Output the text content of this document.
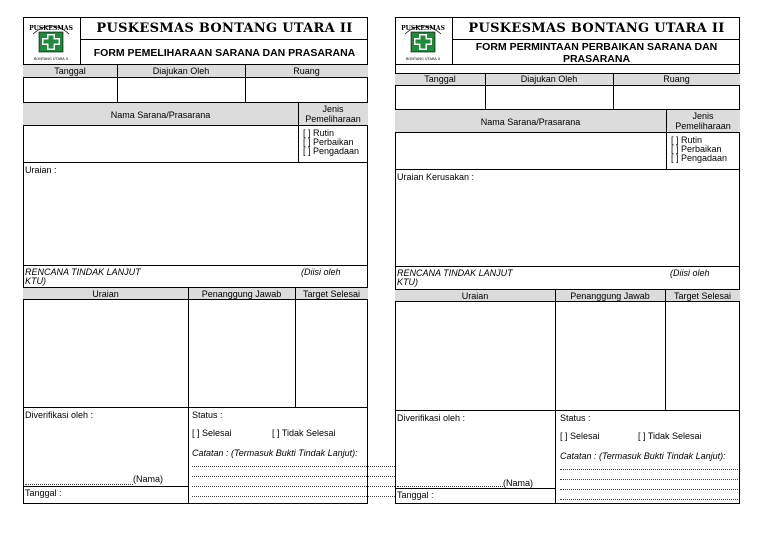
PUSKESMAS
BONTANG UTARA II
PUSKESMAS BONTANG UTARA II
FORM PEMELIHARAAN SARANA DAN PRASARANA
Tanggal	Diajukan Oleh	Ruang
Nama Sarana/Prasarana
Jenis Pemeliharaan
[ ] Rutin
[ ] Perbaikan
[ ] Pengadaan
Uraian :
RENCANA TINDAK LANJUT	(Diisi oleh
KTU)
Uraian	Penanggung Jawab	Target Selesai
Diverifikasi oleh :
(Nama)
Tanggal :
Status :
[ ] Selesai	[ ] Tidak Selesai
Catatan : (Termasuk Bukti Tindak Lanjut):
PUSKESMAS
BONTANG UTARA II
PUSKESMAS BONTANG UTARA II
FORM PERMINTAAN PERBAIKAN SARANA DAN PRASARANA
Tanggal	Diajukan Oleh	Ruang
Nama Sarana/Prasarana
Jenis Pemeliharaan
[ ] Rutin
[ ] Perbaikan
[ ] Pengadaan
Uraian Kerusakan :
RENCANA TINDAK LANJUT	(Diisi oleh
KTU)
Uraian	Penanggung Jawab	Target Selesai
Diverifikasi oleh :
(Nama)
Tanggal :
Status :
[ ] Selesai	[ ] Tidak Selesai
Catatan : (Termasuk Bukti Tindak Lanjut):
